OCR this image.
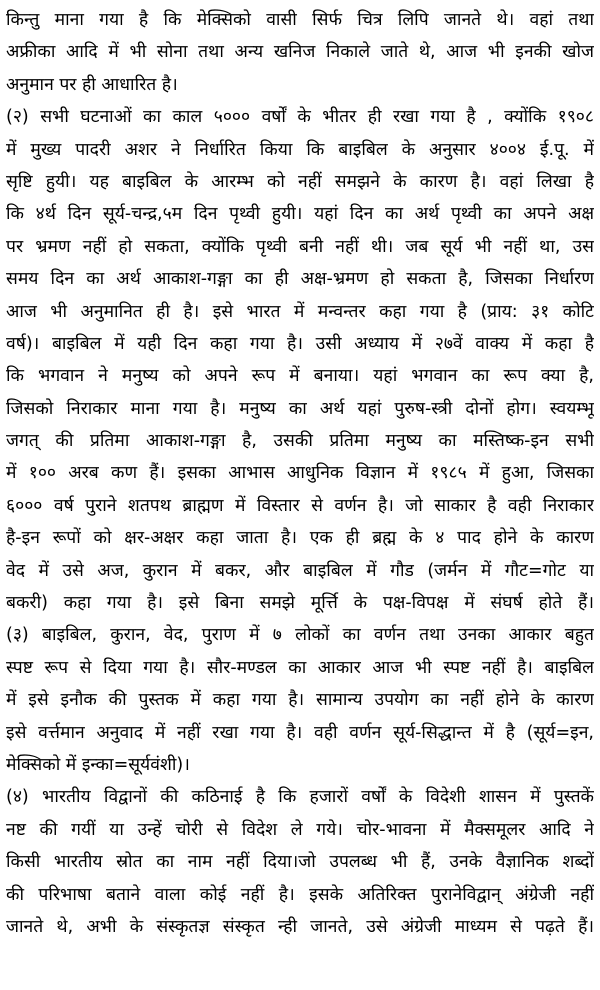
किन्तु माना गया है कि मेक्सिको वासी सिर्फ चित्र लिपि जानते थे। वहां तथा
अफ्रीका आदि में भी सोना तथा अन्य खनिज निकाले जाते थे, आज भी इनकी खोज
अनुमान पर ही आधारित है।
(२) सभी घटनाओं का काल ५००० वर्षों के भीतर ही रखा गया है , क्योंकि १९०८
में मुख्य पादरी अशर ने निर्धारित किया कि बाइबिल के अनुसार ४००४ ई.पू. में
सृष्टि हुयी। यह बाइबिल के आरम्भ को नहीं समझने के कारण है। वहां लिखा है
कि ४र्थ दिन सूर्य-चन्द्र,५म दिन पृथ्वी हुयी। यहां दिन का अर्थ पृथ्वी का अपने अक्ष
पर भ्रमण नहीं हो सकता, क्योंकि पृथ्वी बनी नहीं थी। जब सूर्य भी नहीं था, उस
समय दिन का अर्थ आकाश-गङ्गा का ही अक्ष-भ्रमण हो सकता है, जिसका निर्धारण
आज भी अनुमानित ही है। इसे भारत में मन्वन्तर कहा गया है (प्राय: ३१ कोटि
वर्ष)। बाइबिल में यही दिन कहा गया है। उसी अध्याय में २७वें वाक्य में कहा है
कि भगवान ने मनुष्य को अपने रूप में बनाया। यहां भगवान का रूप क्या है,
जिसको निराकार माना गया है। मनुष्य का अर्थ यहां पुरुष-स्त्री दोनों होग। स्वयम्भू
जगत् की प्रतिमा आकाश-गङ्गा है, उसकी प्रतिमा मनुष्य का मस्तिष्क-इन सभी
में १०० अरब कण हैं। इसका आभास आधुनिक विज्ञान में १९८५ में हुआ, जिसका
६००० वर्ष पुराने शतपथ ब्राह्मण में विस्तार से वर्णन है। जो साकार है वही निराकार
है-इन रूपों को क्षर-अक्षर कहा जाता है। एक ही ब्रह्म के ४ पाद होने के कारण
वेद में उसे अज, कुरान में बकर, और बाइबिल में गौड (जर्मन में गौट=गोट या
बकरी) कहा गया है। इसे बिना समझे मूर्त्ति के पक्ष-विपक्ष में संघर्ष होते हैं।
(३) बाइबिल, कुरान, वेद, पुराण में ७ लोकों का वर्णन तथा उनका आकार बहुत
स्पष्ट रूप से दिया गया है। सौर-मण्डल का आकार आज भी स्पष्ट नहीं है। बाइबिल
में इसे इनौक की पुस्तक में कहा गया है। सामान्य उपयोग का नहीं होने के कारण
इसे वर्त्तमान अनुवाद में नहीं रखा गया है। वही वर्णन सूर्य-सिद्धान्त में है (सूर्य=इन,
मेक्सिको में इन्का=सूर्यवंशी)।
(४) भारतीय विद्वानों की कठिनाई है कि हजारों वर्षों के विदेशी शासन में पुस्तकें
नष्ट की गयीं या उन्हें चोरी से विदेश ले गये। चोर-भावना में मैक्समूलर आदि ने
किसी भारतीय स्रोत का नाम नहीं दिया।जो उपलब्ध भी हैं, उनके वैज्ञानिक शब्दों
की परिभाषा बताने वाला कोई नहीं है। इसके अतिरिक्त पुरानेविद्वान् अंग्रेजी नहीं
जानते थे, अभी के संस्कृतज्ञ संस्कृत न्ही जानते, उसे अंग्रेजी माध्यम से पढ़ते हैं।
